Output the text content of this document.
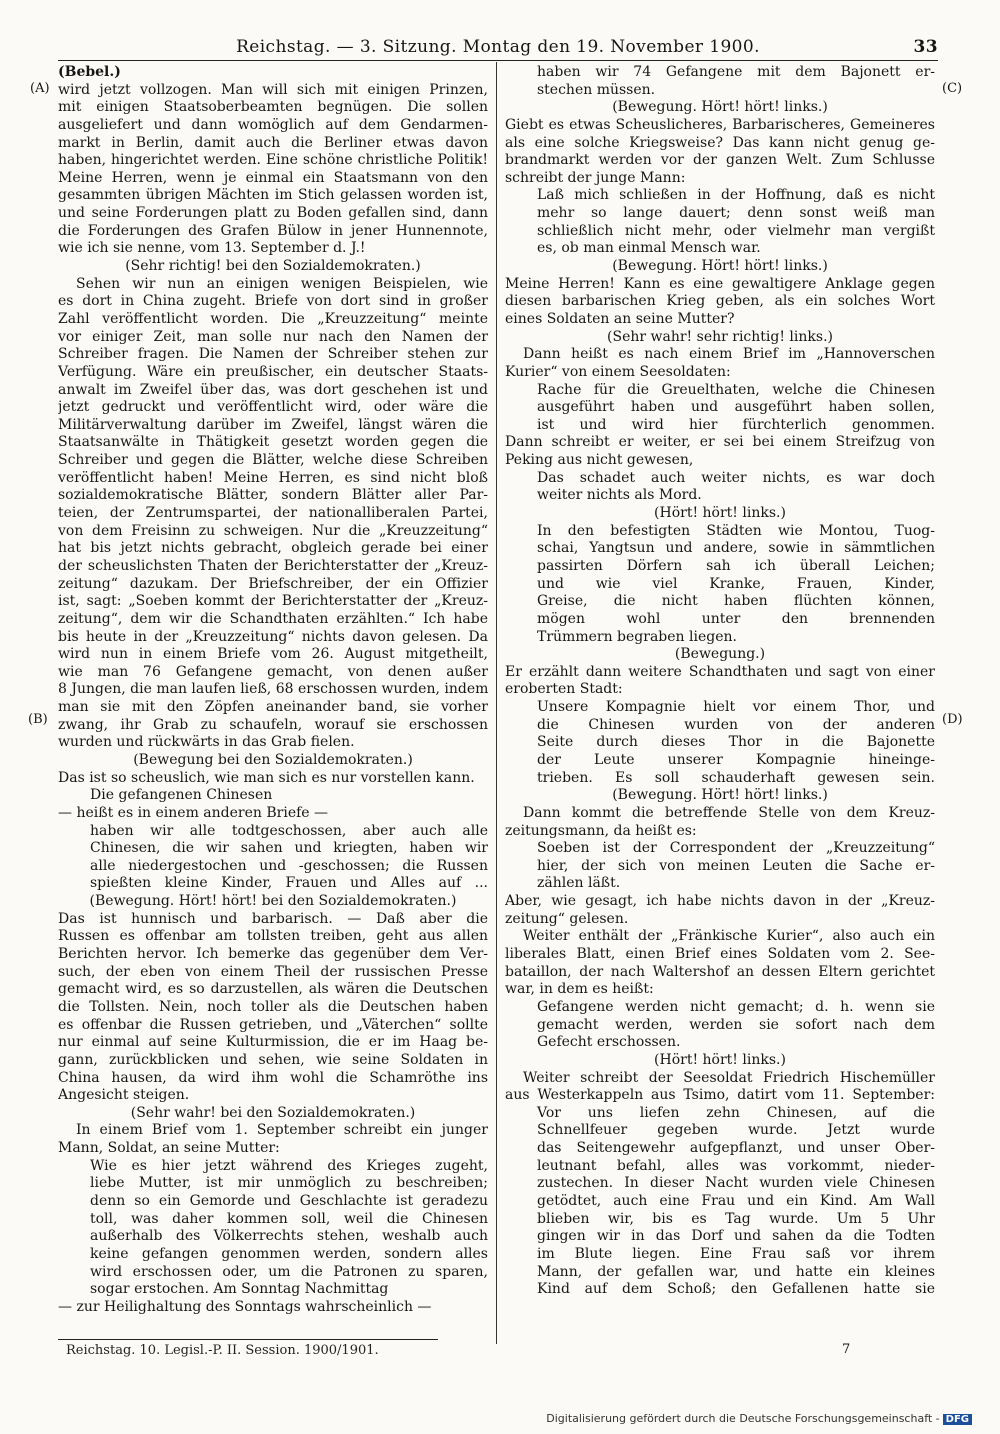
Reichstag. — 3. Sitzung. Montag den 19. November 1900.	33
(A)
(B)
(C)
(D)
(Bebel.)
wird jetzt vollzogen. Man will sich mit einigen Prinzen,
mit einigen Staatsoberbeamten begnügen. Die sollen
ausgeliefert und dann womöglich auf dem Gendarmen-
markt in Berlin, damit auch die Berliner etwas davon
haben, hingerichtet werden. Eine schöne christliche Politik!
Meine Herren, wenn je einmal ein Staatsmann von den
gesammten übrigen Mächten im Stich gelassen worden ist,
und seine Forderungen platt zu Boden gefallen sind, dann
die Forderungen des Grafen Bülow in jener Hunnennote,
wie ich sie nenne, vom 13. September d. J.!
(Sehr richtig! bei den Sozialdemokraten.)
Sehen wir nun an einigen wenigen Beispielen, wie
es dort in China zugeht. Briefe von dort sind in großer
Zahl veröffentlicht worden. Die „Kreuzzeitung“ meinte
vor einiger Zeit, man solle nur nach den Namen der
Schreiber fragen. Die Namen der Schreiber stehen zur
Verfügung. Wäre ein preußischer, ein deutscher Staats-
anwalt im Zweifel über das, was dort geschehen ist und
jetzt gedruckt und veröffentlicht wird, oder wäre die
Militärverwaltung darüber im Zweifel, längst wären die
Staatsanwälte in Thätigkeit gesetzt worden gegen die
Schreiber und gegen die Blätter, welche diese Schreiben
veröffentlicht haben! Meine Herren, es sind nicht bloß
sozialdemokratische Blätter, sondern Blätter aller Par-
teien, der Zentrumspartei, der nationalliberalen Partei,
von dem Freisinn zu schweigen. Nur die „Kreuzzeitung“
hat bis jetzt nichts gebracht, obgleich gerade bei einer
der scheuslichsten Thaten der Berichterstatter der „Kreuz-
zeitung“ dazukam. Der Briefschreiber, der ein Offizier
ist, sagt: „Soeben kommt der Berichterstatter der „Kreuz-
zeitung“, dem wir die Schandthaten erzählten.“ Ich habe
bis heute in der „Kreuzzeitung“ nichts davon gelesen. Da
wird nun in einem Briefe vom 26. August mitgetheilt,
wie man 76 Gefangene gemacht, von denen außer
8 Jungen, die man laufen ließ, 68 erschossen wurden, indem
man sie mit den Zöpfen aneinander band, sie vorher
zwang, ihr Grab zu schaufeln, worauf sie erschossen
wurden und rückwärts in das Grab fielen.
(Bewegung bei den Sozialdemokraten.)
Das ist so scheuslich, wie man sich es nur vorstellen kann.
Die gefangenen Chinesen
— heißt es in einem anderen Briefe —
haben wir alle todtgeschossen, aber auch alle
Chinesen, die wir sahen und kriegten, haben wir
alle niedergestochen und -geschossen; die Russen
spießten kleine Kinder, Frauen und Alles auf ...
(Bewegung. Hört! hört! bei den Sozialdemokraten.)
Das ist hunnisch und barbarisch. — Daß aber die
Russen es offenbar am tollsten treiben, geht aus allen
Berichten hervor. Ich bemerke das gegenüber dem Ver-
such, der eben von einem Theil der russischen Presse
gemacht wird, es so darzustellen, als wären die Deutschen
die Tollsten. Nein, noch toller als die Deutschen haben
es offenbar die Russen getrieben, und „Väterchen“ sollte
nur einmal auf seine Kulturmission, die er im Haag be-
gann, zurückblicken und sehen, wie seine Soldaten in
China hausen, da wird ihm wohl die Schamröthe ins
Angesicht steigen.
(Sehr wahr! bei den Sozialdemokraten.)
In einem Brief vom 1. September schreibt ein junger
Mann, Soldat, an seine Mutter:
Wie es hier jetzt während des Krieges zugeht,
liebe Mutter, ist mir unmöglich zu beschreiben;
denn so ein Gemorde und Geschlachte ist geradezu
toll, was daher kommen soll, weil die Chinesen
außerhalb des Völkerrechts stehen, weshalb auch
keine gefangen genommen werden, sondern alles
wird erschossen oder, um die Patronen zu sparen,
sogar erstochen. Am Sonntag Nachmittag
— zur Heilighaltung des Sonntags wahrscheinlich —
haben wir 74 Gefangene mit dem Bajonett er-
stechen müssen.
(Bewegung. Hört! hört! links.)
Giebt es etwas Scheuslicheres, Barbarischeres, Gemeineres
als eine solche Kriegsweise? Das kann nicht genug ge-
brandmarkt werden vor der ganzen Welt. Zum Schlusse
schreibt der junge Mann:
Laß mich schließen in der Hoffnung, daß es nicht
mehr so lange dauert; denn sonst weiß man
schließlich nicht mehr, oder vielmehr man vergißt
es, ob man einmal Mensch war.
(Bewegung. Hört! hört! links.)
Meine Herren! Kann es eine gewaltigere Anklage gegen
diesen barbarischen Krieg geben, als ein solches Wort
eines Soldaten an seine Mutter?
(Sehr wahr! sehr richtig! links.)
Dann heißt es nach einem Brief im „Hannoverschen
Kurier“ von einem Seesoldaten:
Rache für die Greuelthaten, welche die Chinesen
ausgeführt haben und ausgeführt haben sollen,
ist und wird hier fürchterlich genommen.
Dann schreibt er weiter, er sei bei einem Streifzug von
Peking aus nicht gewesen,
Das schadet auch weiter nichts, es war doch
weiter nichts als Mord.
(Hört! hört! links.)
In den befestigten Städten wie Montou, Tuog-
schai, Yangtsun und andere, sowie in sämmtlichen
passirten Dörfern sah ich überall Leichen;
und wie viel Kranke, Frauen, Kinder,
Greise, die nicht haben flüchten können,
mögen wohl unter den brennenden
Trümmern begraben liegen.
(Bewegung.)
Er erzählt dann weitere Schandthaten und sagt von einer
eroberten Stadt:
Unsere Kompagnie hielt vor einem Thor, und
die Chinesen wurden von der anderen
Seite durch dieses Thor in die Bajonette
der Leute unserer Kompagnie hineinge-
trieben. Es soll schauderhaft gewesen sein.
(Bewegung. Hört! hört! links.)
Dann kommt die betreffende Stelle von dem Kreuz-
zeitungsmann, da heißt es:
Soeben ist der Correspondent der „Kreuzzeitung“
hier, der sich von meinen Leuten die Sache er-
zählen läßt.
Aber, wie gesagt, ich habe nichts davon in der „Kreuz-
zeitung“ gelesen.
Weiter enthält der „Fränkische Kurier“, also auch ein
liberales Blatt, einen Brief eines Soldaten vom 2. See-
bataillon, der nach Waltershof an dessen Eltern gerichtet
war, in dem es heißt:
Gefangene werden nicht gemacht; d. h. wenn sie
gemacht werden, werden sie sofort nach dem
Gefecht erschossen.
(Hört! hört! links.)
Weiter schreibt der Seesoldat Friedrich Hischemüller
aus Westerkappeln aus Tsimo, datirt vom 11. September:
Vor uns liefen zehn Chinesen, auf die
Schnellfeuer gegeben wurde. Jetzt wurde
das Seitengewehr aufgepflanzt, und unser Ober-
leutnant befahl, alles was vorkommt, nieder-
zustechen. In dieser Nacht wurden viele Chinesen
getödtet, auch eine Frau und ein Kind. Am Wall
blieben wir, bis es Tag wurde. Um 5 Uhr
gingen wir in das Dorf und sahen da die Todten
im Blute liegen. Eine Frau saß vor ihrem
Mann, der gefallen war, und hatte ein kleines
Kind auf dem Schoß; den Gefallenen hatte sie
Reichstag. 10. Legisl.-P. II. Session. 1900/1901.	7
Digitalisierung gefördert durch die Deutsche Forschungsgemeinschaft - DFG
